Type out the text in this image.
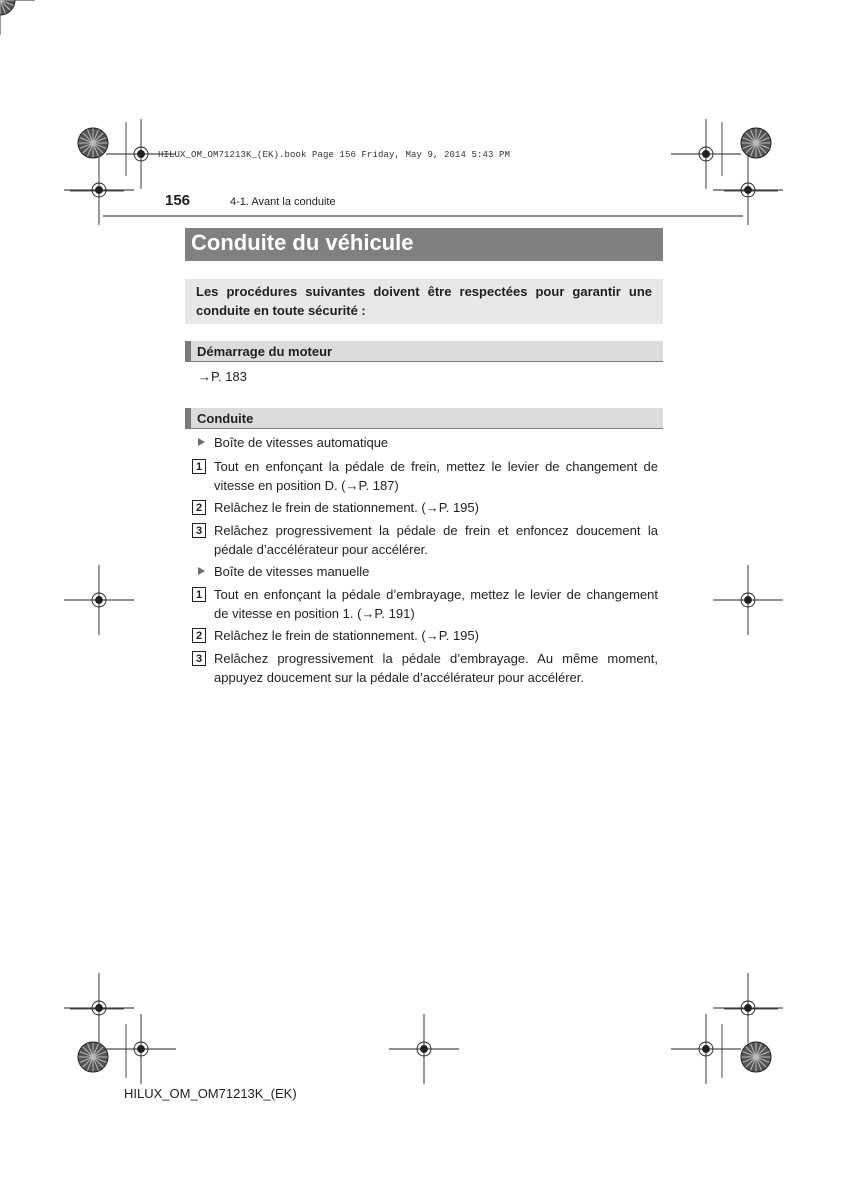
HILUX_OM_OM71213K_(EK).book Page 156 Friday, May 9, 2014 5:43 PM
156	4-1. Avant la conduite
Conduite du véhicule
Les procédures suivantes doivent être respectées pour garantir une conduite en toute sécurité :
Démarrage du moteur
→P. 183
Conduite
Boîte de vitesses automatique
1 Tout en enfonçant la pédale de frein, mettez le levier de changement de vitesse en position D. (→P. 187)
2 Relâchez le frein de stationnement. (→P. 195)
3 Relâchez progressivement la pédale de frein et enfoncez doucement la pédale d’accélérateur pour accélérer.
Boîte de vitesses manuelle
1 Tout en enfonçant la pédale d’embrayage, mettez le levier de changement de vitesse en position 1. (→P. 191)
2 Relâchez le frein de stationnement. (→P. 195)
3 Relâchez progressivement la pédale d’embrayage. Au même moment, appuyez doucement sur la pédale d’accélérateur pour accélérer.
HILUX_OM_OM71213K_(EK)
